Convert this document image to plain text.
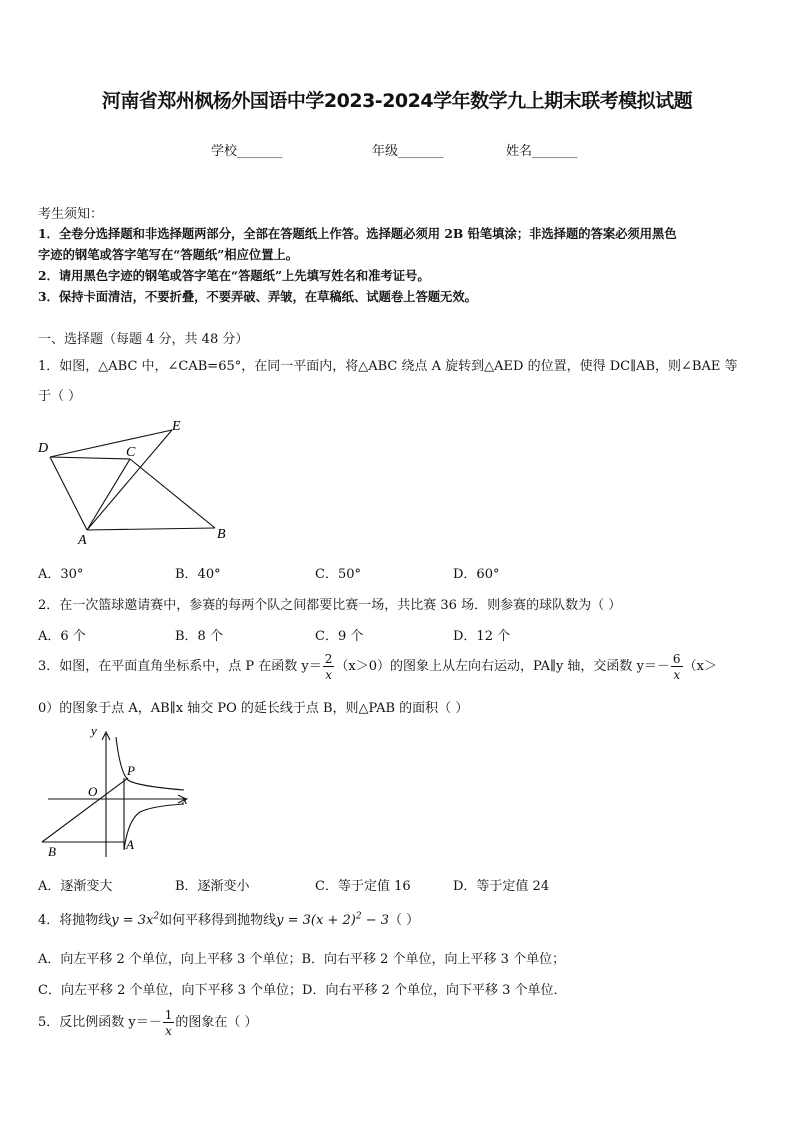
河南省郑州枫杨外国语中学2023-2024学年数学九上期末联考模拟试题
学校_______	年级_______	姓名_______
考生须知：
1．全卷分选择题和非选择题两部分，全部在答题纸上作答。选择题必须用 2B 铅笔填涂；非选择题的答案必须用黑色
字迹的钢笔或答字笔写在“答题纸”相应位置上。
2．请用黑色字迹的钢笔或答字笔在“答题纸”上先填写姓名和准考证号。
3．保持卡面清洁，不要折叠，不要弄破、弄皱，在草稿纸、试题卷上答题无效。
一、选择题（每题 4 分，共 48 分）
1．如图，△ABC 中，∠CAB=65°，在同一平面内，将△ABC 绕点 A 旋转到△AED 的位置，使得 DC∥AB，则∠BAE 等
于（ ）
D	C
E
A	B
A．30°	B．40°	C．50°	D．60°
2．在一次篮球邀请赛中，参赛的每两个队之间都要比赛一场，共比赛 36 场．则参赛的球队数为（ ）
A．6 个	B．8 个	C．9 个	D．12 个
3．如图，在平面直角坐标系中，点 P 在函数 $y= \frac{2}{x} (x>0)$的图象上从左向右运动，PA∥y 轴，交函数 $y=- \frac{6}{x} (x>$
0）的图象于点 A，AB∥x 轴交 PO 的延长线于点 B，则△PAB 的面积（ ）
y
P
O
x
A
B
A．逐渐变大	B．逐渐变小	C．等于定值 16	D．等于定值 24
4．将抛物线$y = 3x^2$如何平移得到抛物线$y = 3(x + 2)^2 - 3$（ ）
A．向左平移 2 个单位，向上平移 3 个单位；B．向右平移 2 个单位，向上平移 3 个单位；
C．向左平移 2 个单位，向下平移 3 个单位；D．向右平移 2 个单位，向下平移 3 个单位．
5．反比例函数 $y=- \frac{1}{x}$ 的图象在（ ）
